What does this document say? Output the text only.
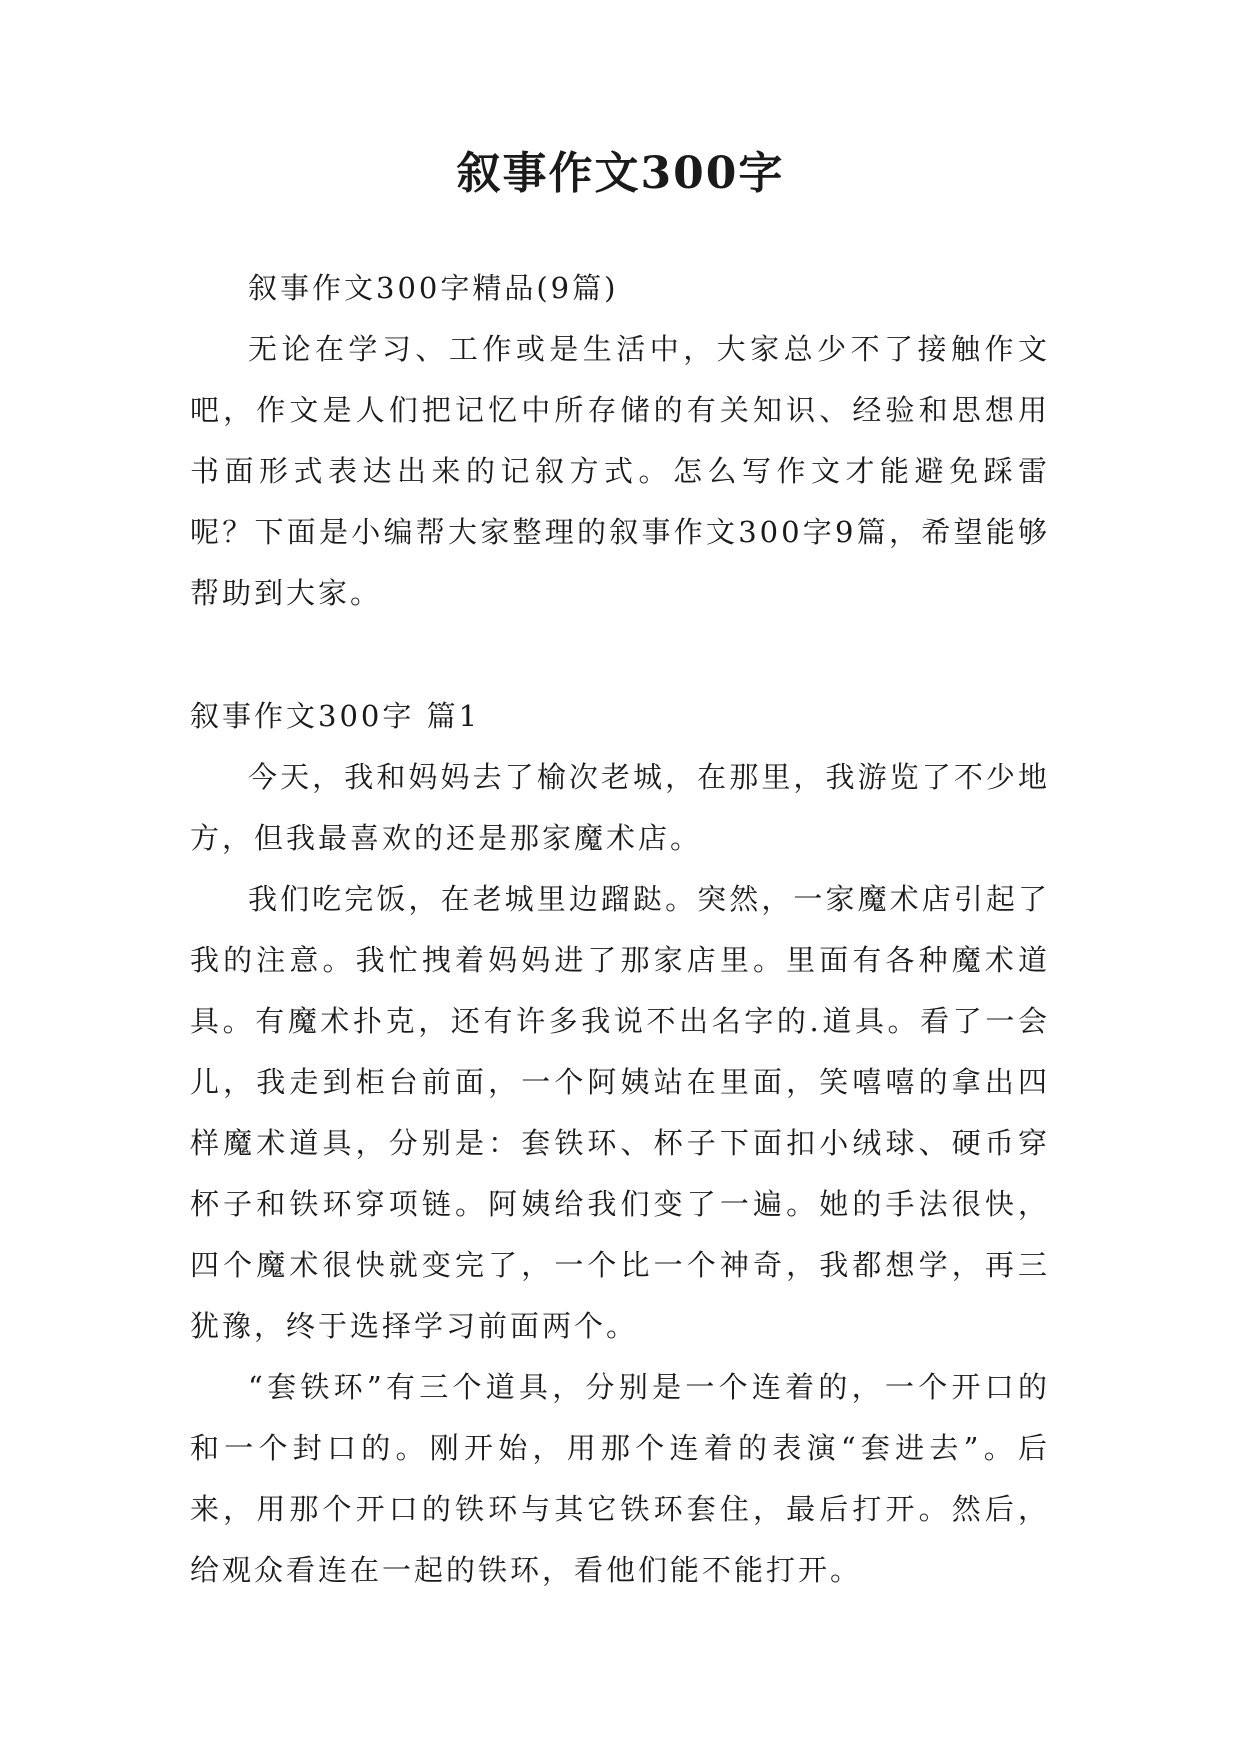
叙事作文300字

叙事作文300字精品(9篇)

无论在学习、工作或是生活中，大家总少不了接触作文吧，作文是人们把记忆中所存储的有关知识、经验和思想用书面形式表达出来的记叙方式。怎么写作文才能避免踩雷呢？下面是小编帮大家整理的叙事作文300字9篇，希望能够帮助到大家。

叙事作文300字 篇1

今天，我和妈妈去了榆次老城，在那里，我游览了不少地方，但我最喜欢的还是那家魔术店。

我们吃完饭，在老城里边蹓跶。突然，一家魔术店引起了我的注意。我忙拽着妈妈进了那家店里。里面有各种魔术道具。有魔术扑克，还有许多我说不出名字的.道具。看了一会儿，我走到柜台前面，一个阿姨站在里面，笑嘻嘻的拿出四样魔术道具，分别是：套铁环、杯子下面扣小绒球、硬币穿杯子和铁环穿项链。阿姨给我们变了一遍。她的手法很快，四个魔术很快就变完了，一个比一个神奇，我都想学，再三犹豫，终于选择学习前面两个。

“套铁环”有三个道具，分别是一个连着的，一个开口的和一个封口的。刚开始，用那个连着的表演“套进去”。后来，用那个开口的铁环与其它铁环套住，最后打开。然后，给观众看连在一起的铁环，看他们能不能打开。
